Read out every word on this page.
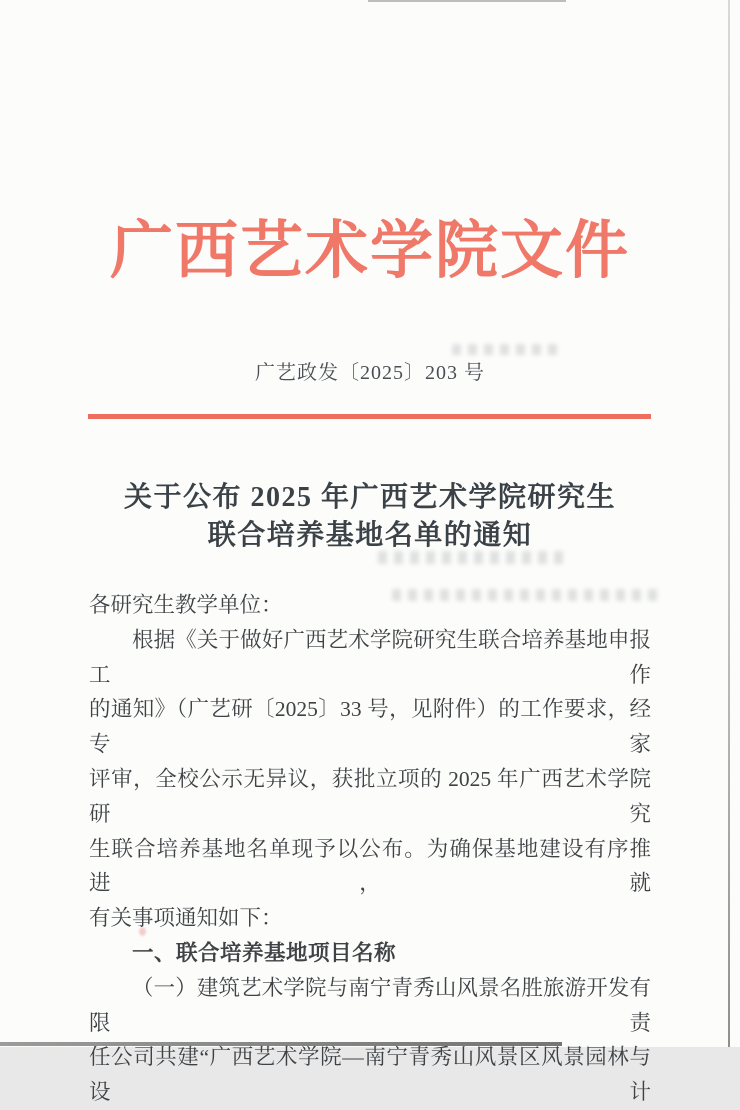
广西艺术学院文件
广艺政发〔2025〕203 号
关于公布 2025 年广西艺术学院研究生
联合培养基地名单的通知
各研究生教学单位：
根据《关于做好广西艺术学院研究生联合培养基地申报工作
的通知》（广艺研〔2025〕33 号，见附件）的工作要求，经专家
评审，全校公示无异议，获批立项的 2025 年广西艺术学院研究
生联合培养基地名单现予以公布。为确保基地建设有序推进，就
有关事项通知如下：
一、联合培养基地项目名称
（一）建筑艺术学院与南宁青秀山风景名胜旅游开发有限责
任公司共建“广西艺术学院—南宁青秀山风景区风景园林与设计
